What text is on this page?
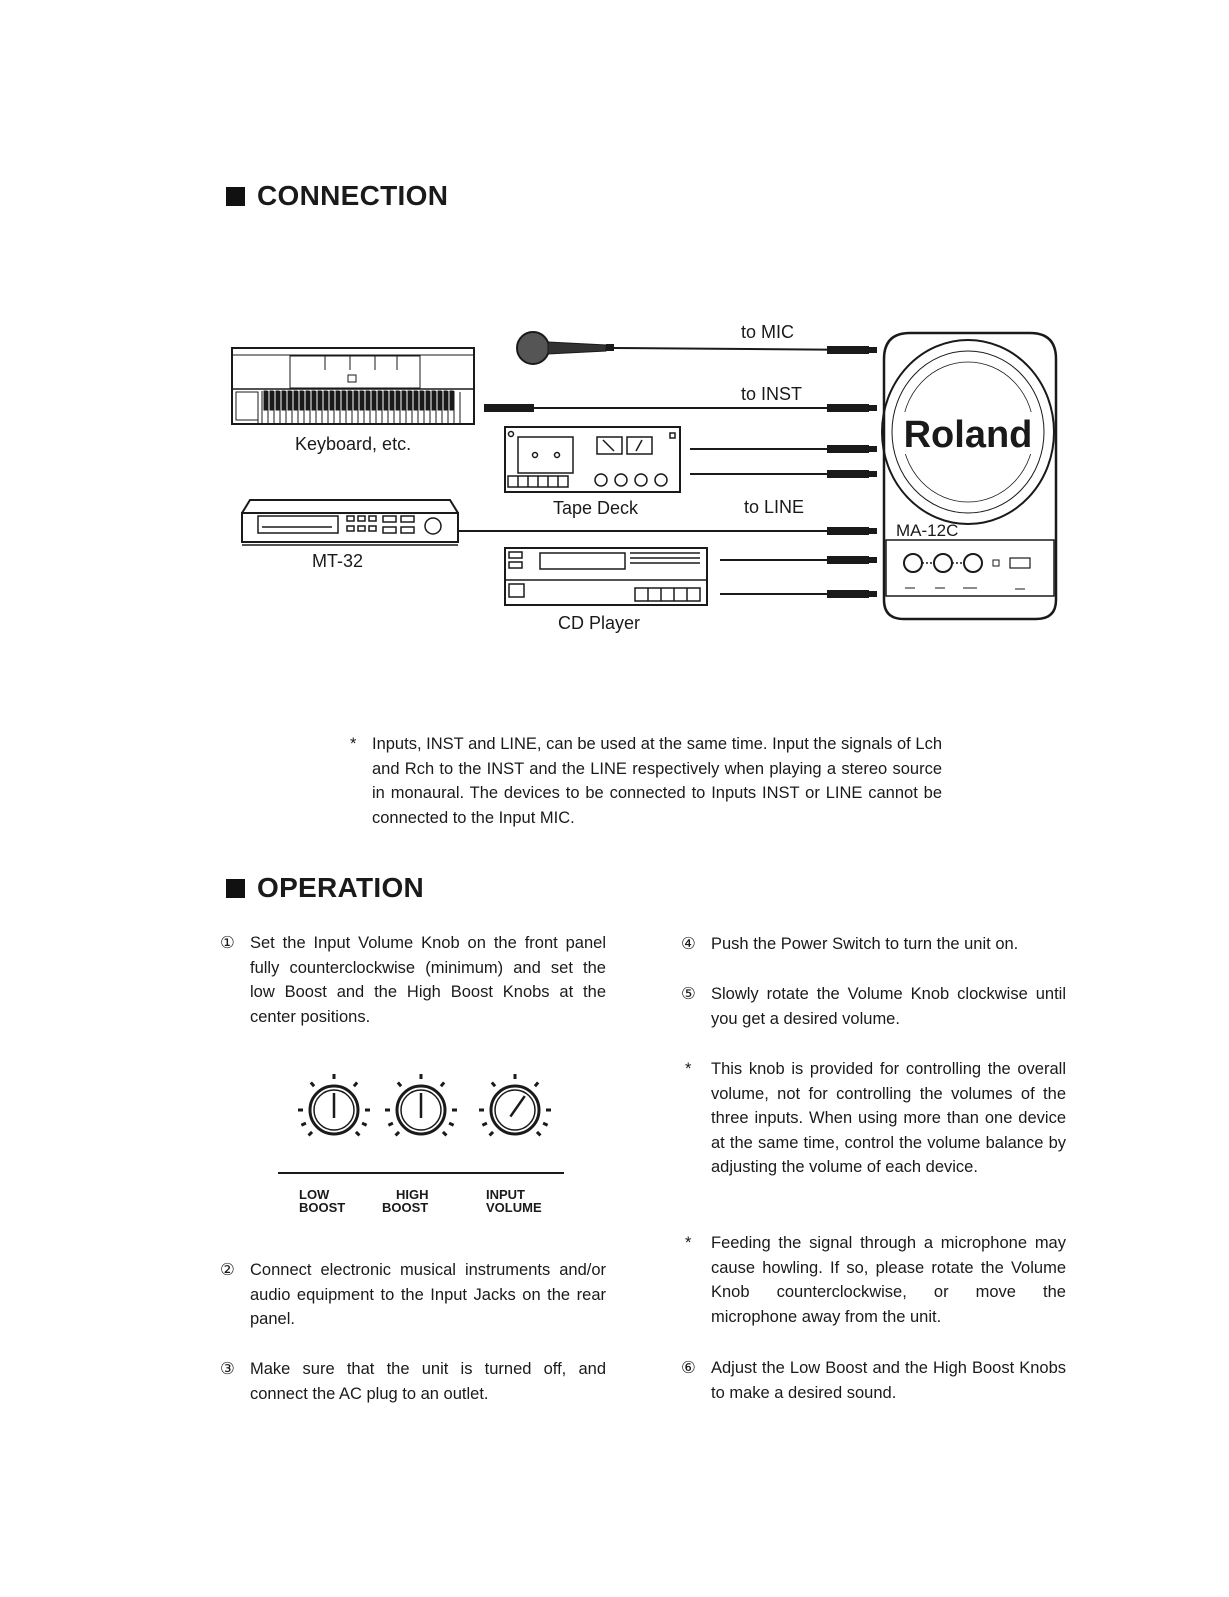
CONNECTION
Keyboard, etc.
Tape Deck
MT-32
CD Player
to MIC
to INST
to LINE
Roland
MA-12C
* Inputs, INST and LINE, can be used at the same time. Input the signals of Lch and Rch to the INST and the LINE respectively when playing a stereo source in monaural. The devices to be connected to Inputs INST or LINE cannot be connected to the Input MIC.
OPERATION
① Set the Input Volume Knob on the front panel fully counterclockwise (minimum) and set the low Boost and the High Boost Knobs at the center positions.
LOW
BOOST
HIGH
BOOST
INPUT
VOLUME
② Connect electronic musical instruments and/or audio equipment to the Input Jacks on the rear panel.
③ Make sure that the unit is turned off, and connect the AC plug to an outlet.
④ Push the Power Switch to turn the unit on.
⑤ Slowly rotate the Volume Knob clockwise until you get a desired volume.
* This knob is provided for controlling the overall volume, not for controlling the volumes of the three inputs. When using more than one device at the same time, control the volume balance by adjusting the volume of each device.
* Feeding the signal through a microphone may cause howling. If so, please rotate the Volume Knob counterclockwise, or move the microphone away from the unit.
⑥ Adjust the Low Boost and the High Boost Knobs to make a desired sound.
